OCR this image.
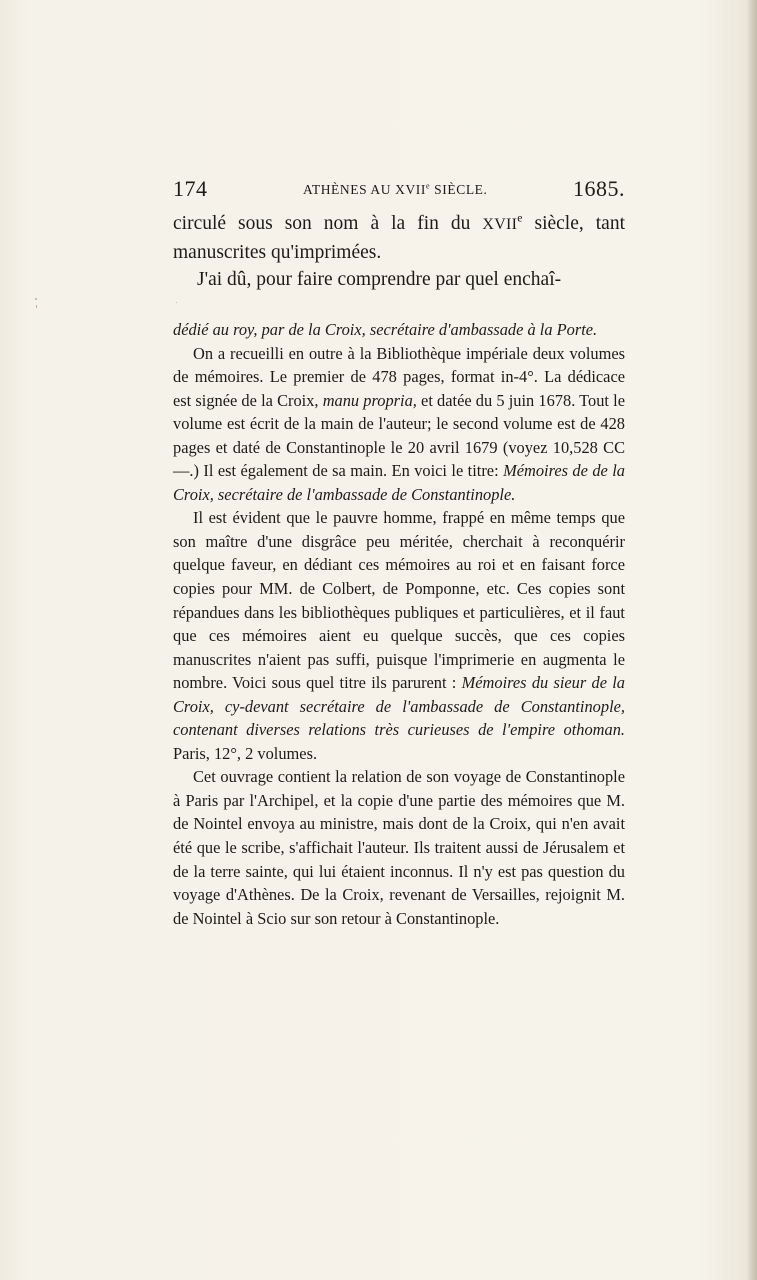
174	ATHÈNES AU XVIIe SIÈCLE.	1685.

circulé sous son nom à la fin du XVIIe siècle, tant manuscrites qu'imprimées.

J'ai dû, pour faire comprendre par quel enchaî-

dédié au roy, par de la Croix, secrétaire d'ambassade à la Porte.

On a recueilli en outre à la Bibliothèque impériale deux volumes de mémoires. Le premier de 478 pages, format in-4°. La dédicace est signée de la Croix, manu propria, et datée du 5 juin 1678. Tout le volume est écrit de la main de l'auteur; le second volume est de 428 pages et daté de Constantinople le 20 avril 1679 (voyez 10,528 CC —.) Il est également de sa main. En voici le titre: Mémoires de de la Croix, secrétaire de l'ambassade de Constantinople.

Il est évident que le pauvre homme, frappé en même temps que son maître d'une disgrâce peu méritée, cherchait à reconquérir quelque faveur, en dédiant ces mémoires au roi et en faisant force copies pour MM. de Colbert, de Pomponne, etc. Ces copies sont répandues dans les bibliothèques publiques et particulières, et il faut que ces mémoires aient eu quelque succès, que ces copies manuscrites n'aient pas suffi, puisque l'imprimerie en augmenta le nombre. Voici sous quel titre ils parurent : Mémoires du sieur de la Croix, cy-devant secrétaire de l'ambassade de Constantinople, contenant diverses relations très curieuses de l'empire othoman. Paris, 12°, 2 volumes.

Cet ouvrage contient la relation de son voyage de Constantinople à Paris par l'Archipel, et la copie d'une partie des mémoires que M. de Nointel envoya au ministre, mais dont de la Croix, qui n'en avait été que le scribe, s'affichait l'auteur. Ils traitent aussi de Jérusalem et de la terre sainte, qui lui étaient inconnus. Il n'y est pas question du voyage d'Athènes. De la Croix, revenant de Versailles, rejoignit M. de Nointel à Scio sur son retour à Constantinople.
